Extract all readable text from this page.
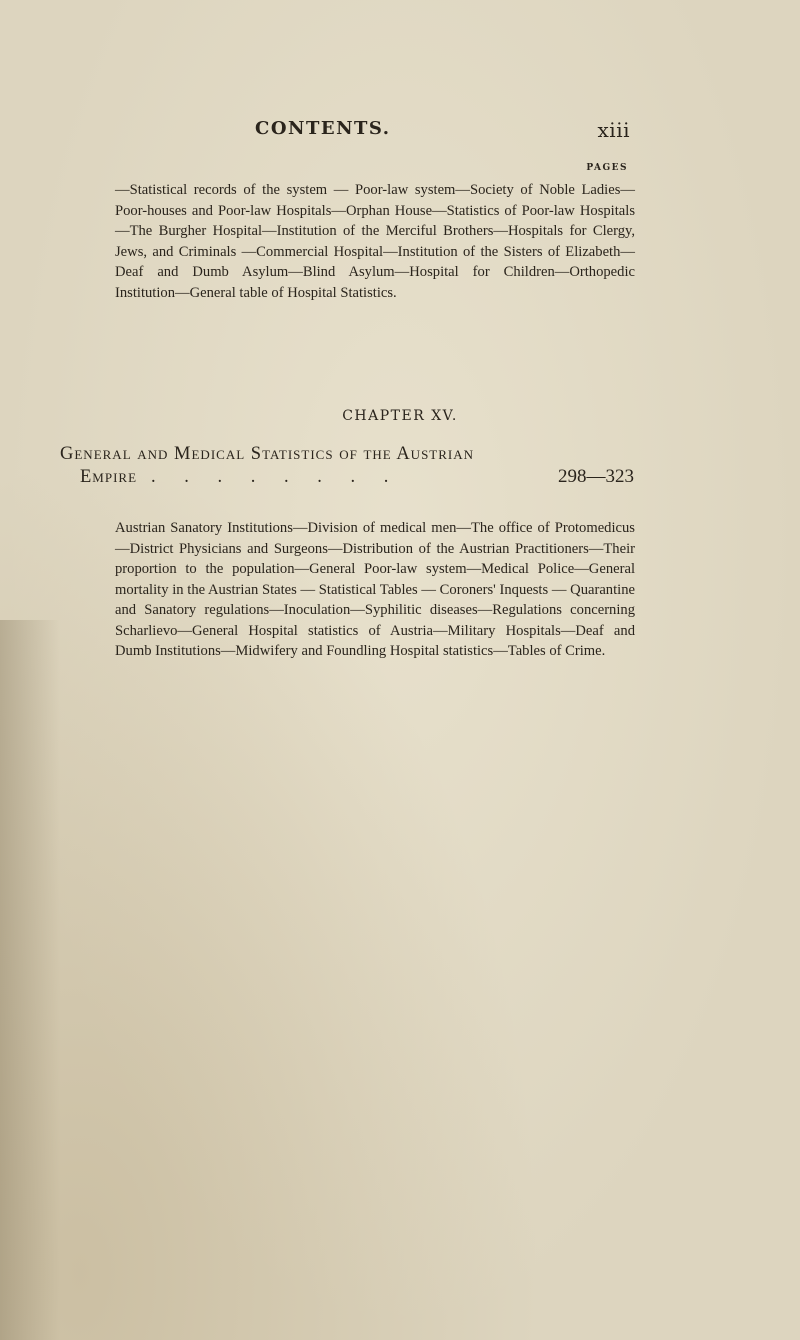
CONTENTS.	xiii
PAGES
—Statistical records of the system — Poor-law system—Society of Noble Ladies—Poor-houses and Poor-law Hospitals—Orphan House—Statistics of Poor-law Hospitals —The Burgher Hospital—Institution of the Merciful Brothers—Hospitals for Clergy, Jews, and Criminals —Commercial Hospital—Institution of the Sisters of Elizabeth—Deaf and Dumb Asylum—Blind Asylum—Hospital for Children—Orthopedic Institution—General table of Hospital Statistics.
CHAPTER XV.
General and Medical Statistics of the Austrian
Empire . . . . . . . .	298—323
Austrian Sanatory Institutions—Division of medical men—The office of Protomedicus—District Physicians and Surgeons—Distribution of the Austrian Practitioners—Their proportion to the population—General Poor-law system—Medical Police—General mortality in the Austrian States — Statistical Tables — Coroners' Inquests — Quarantine and Sanatory regulations—Inoculation—Syphilitic diseases—Regulations concerning Scharlievo—General Hospital statistics of Austria—Military Hospitals—Deaf and Dumb Institutions—Midwifery and Foundling Hospital statistics—Tables of Crime.
